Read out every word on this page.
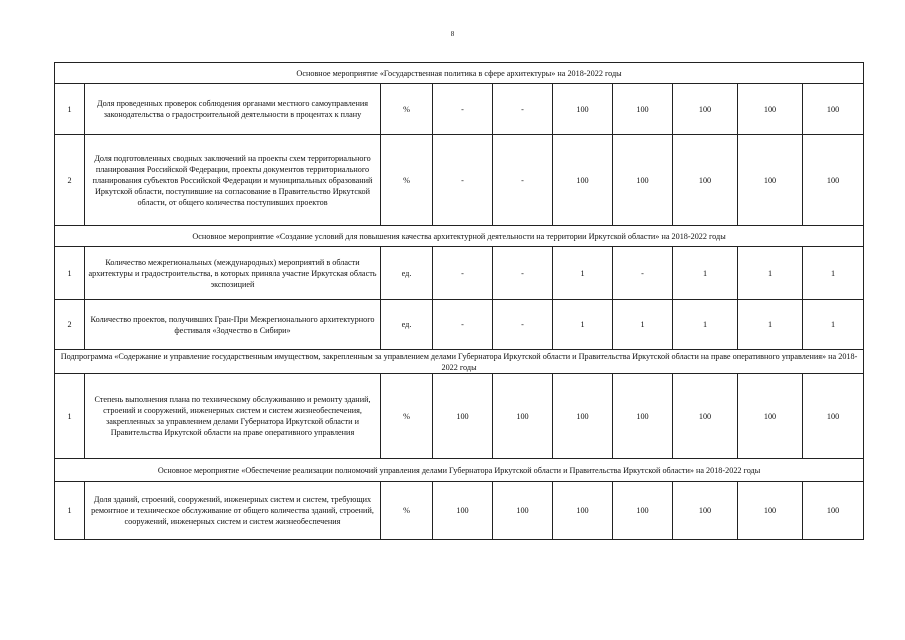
8
Основное мероприятие «Государственная политика в сфере архитектуры» на 2018-2022 годы									
1	Доля проведенных проверок соблюдения органами местного самоуправления законодательства о градостроительной деятельности в процентах к плану	%	-	-	100	100	100	100	100
2	Доля подготовленных сводных заключений на проекты схем территориального планирования Российской Федерации, проекты документов территориального планирования субъектов Российской Федерации и муниципальных образований Иркутской области, поступившие на согласование в Правительство Иркутской области, от общего количества поступивших проектов	%	-	-	100	100	100	100	100
Основное мероприятие «Создание условий для повышения качества архитектурной деятельности на территории Иркутской области» на 2018-2022 годы									
1	Количество межрегиональных (международных) мероприятий в области архитектуры и градостроительства, в которых приняла участие Иркутская область экспозицией	ед.	-	-	1	-	1	1	1
2	Количество проектов, получивших Гран-При Межрегионального архитектурного фестиваля «Зодчество в Сибири»	ед.	-	-	1	1	1	1	1
Подпрограмма «Содержание и управление государственным имуществом, закрепленным за управлением делами Губернатора Иркутской области и Правительства Иркутской области на праве оперативного управления» на 2018-2022 годы									
1	Степень выполнения плана по техническому обслуживанию и ремонту зданий, строений и сооружений, инженерных систем и систем жизнеобеспечения, закрепленных за управлением делами Губернатора Иркутской области и Правительства Иркутской области на праве оперативного управления	%	100	100	100	100	100	100	100
Основное мероприятие «Обеспечение реализации полномочий управления делами Губернатора Иркутской области и Правительства Иркутской области» на 2018-2022 годы									
1	Доля зданий, строений, сооружений, инженерных систем и систем, требующих ремонтное и техническое обслуживание от общего количества зданий, строений, сооружений, инженерных систем и систем жизнеобеспечения	%	100	100	100	100	100	100	100
